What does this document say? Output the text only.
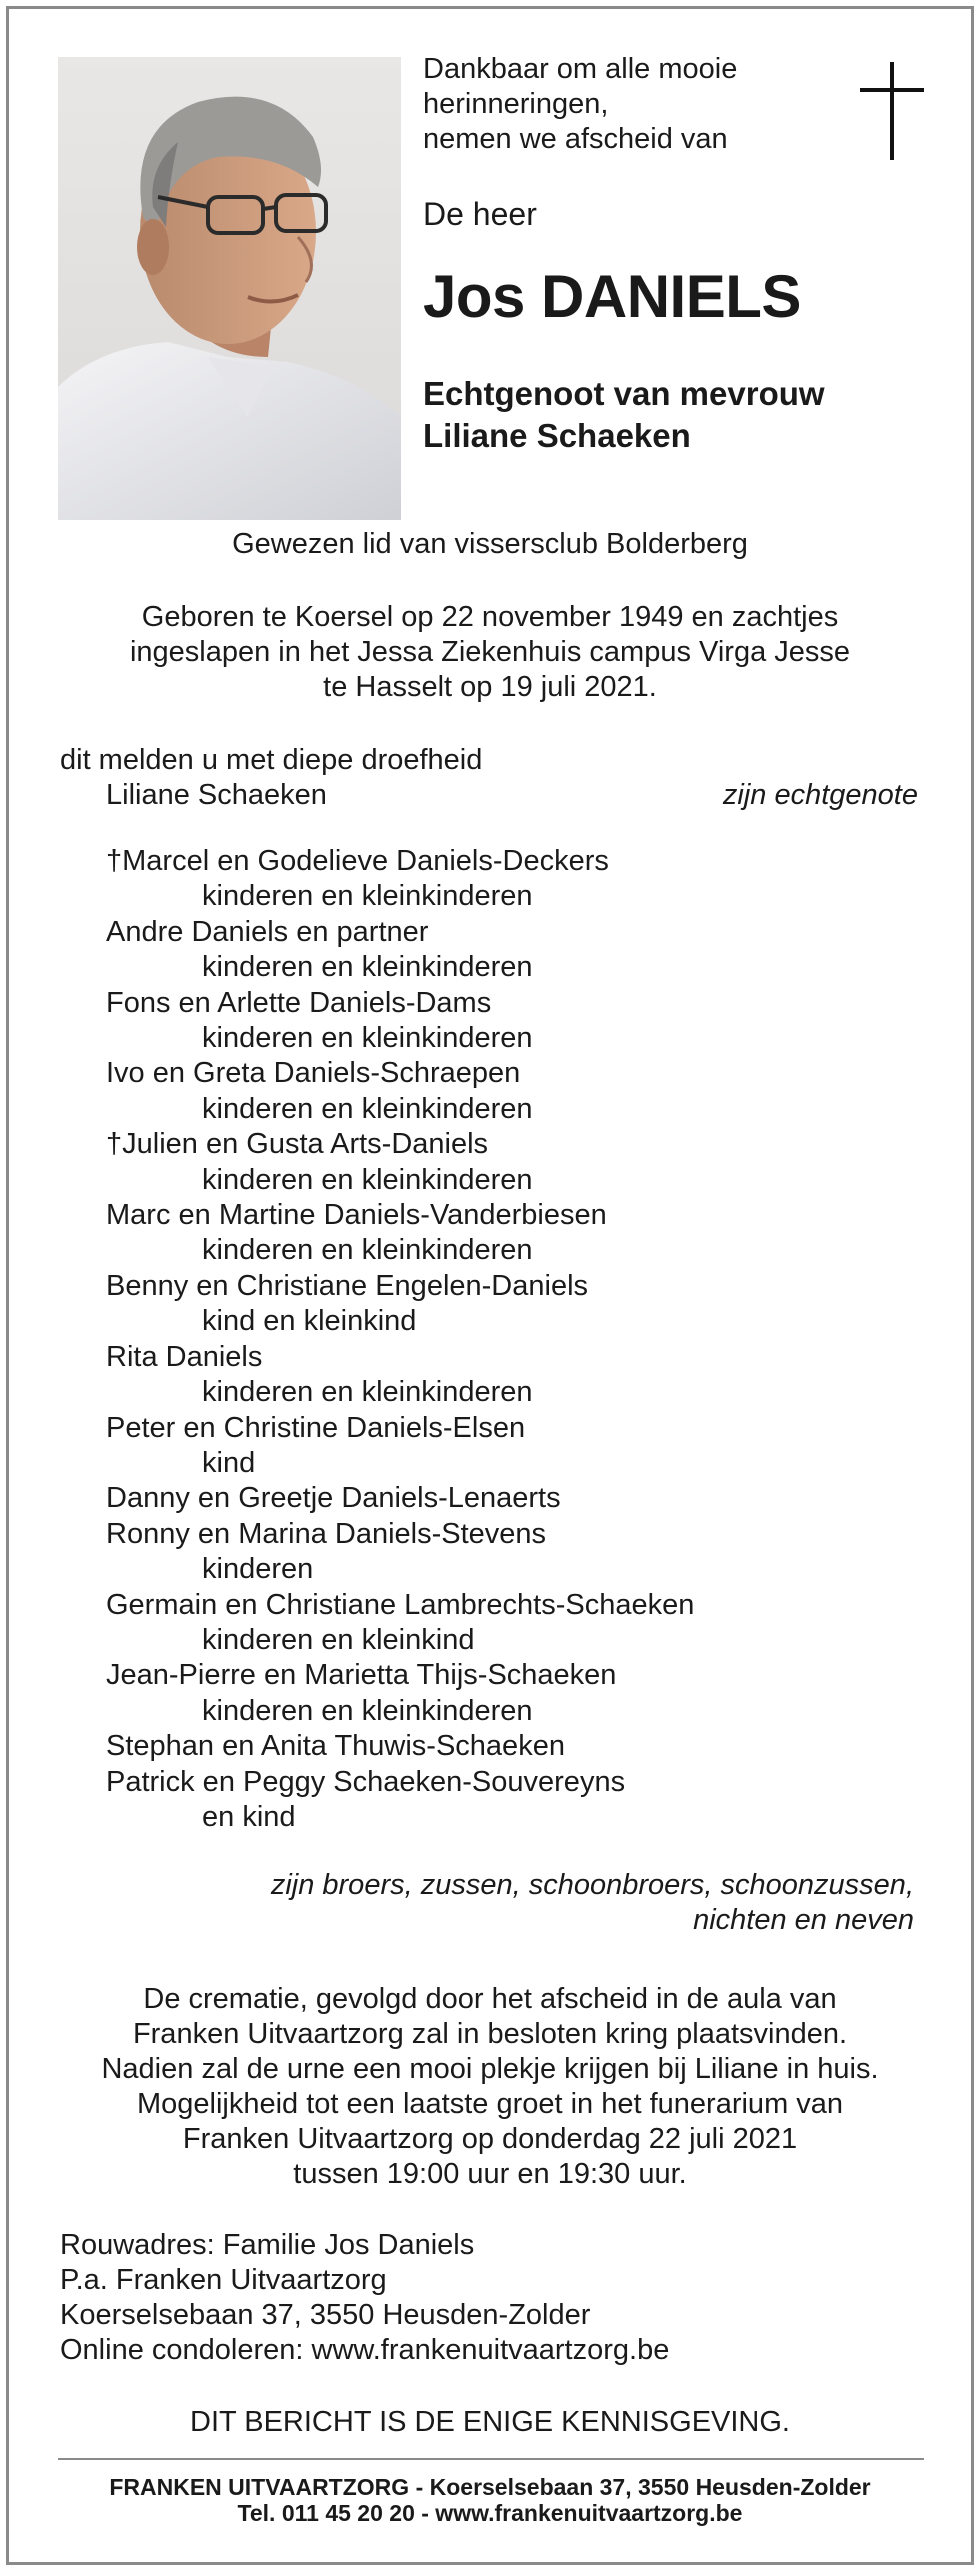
Dankbaar om alle mooie
herinneringen,
nemen we afscheid van
De heer
Jos DANIELS
Echtgenoot van mevrouw
Liliane Schaeken
Gewezen lid van vissersclub Bolderberg
Geboren te Koersel op 22 november 1949 en zachtjes
ingeslapen in het Jessa Ziekenhuis campus Virga Jesse
te Hasselt op 19 juli 2021.
dit melden u met diepe droefheid
Liliane Schaeken	zijn echtgenote
†Marcel en Godelieve Daniels-Deckers
kinderen en kleinkinderen
Andre Daniels en partner
kinderen en kleinkinderen
Fons en Arlette Daniels-Dams
kinderen en kleinkinderen
Ivo en Greta Daniels-Schraepen
kinderen en kleinkinderen
†Julien en Gusta Arts-Daniels
kinderen en kleinkinderen
Marc en Martine Daniels-Vanderbiesen
kinderen en kleinkinderen
Benny en Christiane Engelen-Daniels
kind en kleinkind
Rita Daniels
kinderen en kleinkinderen
Peter en Christine Daniels-Elsen
kind
Danny en Greetje Daniels-Lenaerts
Ronny en Marina Daniels-Stevens
kinderen
Germain en Christiane Lambrechts-Schaeken
kinderen en kleinkind
Jean-Pierre en Marietta Thijs-Schaeken
kinderen en kleinkinderen
Stephan en Anita Thuwis-Schaeken
Patrick en Peggy Schaeken-Souvereyns
en kind
zijn broers, zussen, schoonbroers, schoonzussen,
nichten en neven
De crematie, gevolgd door het afscheid in de aula van
Franken Uitvaartzorg zal in besloten kring plaatsvinden.
Nadien zal de urne een mooi plekje krijgen bij Liliane in huis.
Mogelijkheid tot een laatste groet in het funerarium van
Franken Uitvaartzorg op donderdag 22 juli 2021
tussen 19:00 uur en 19:30 uur.
Rouwadres: Familie Jos Daniels
P.a. Franken Uitvaartzorg
Koerselsebaan 37, 3550 Heusden-Zolder
Online condoleren: www.frankenuitvaartzorg.be
DIT BERICHT IS DE ENIGE KENNISGEVING.
FRANKEN UITVAARTZORG - Koerselsebaan 37, 3550 Heusden-Zolder
Tel. 011 45 20 20 - www.frankenuitvaartzorg.be
